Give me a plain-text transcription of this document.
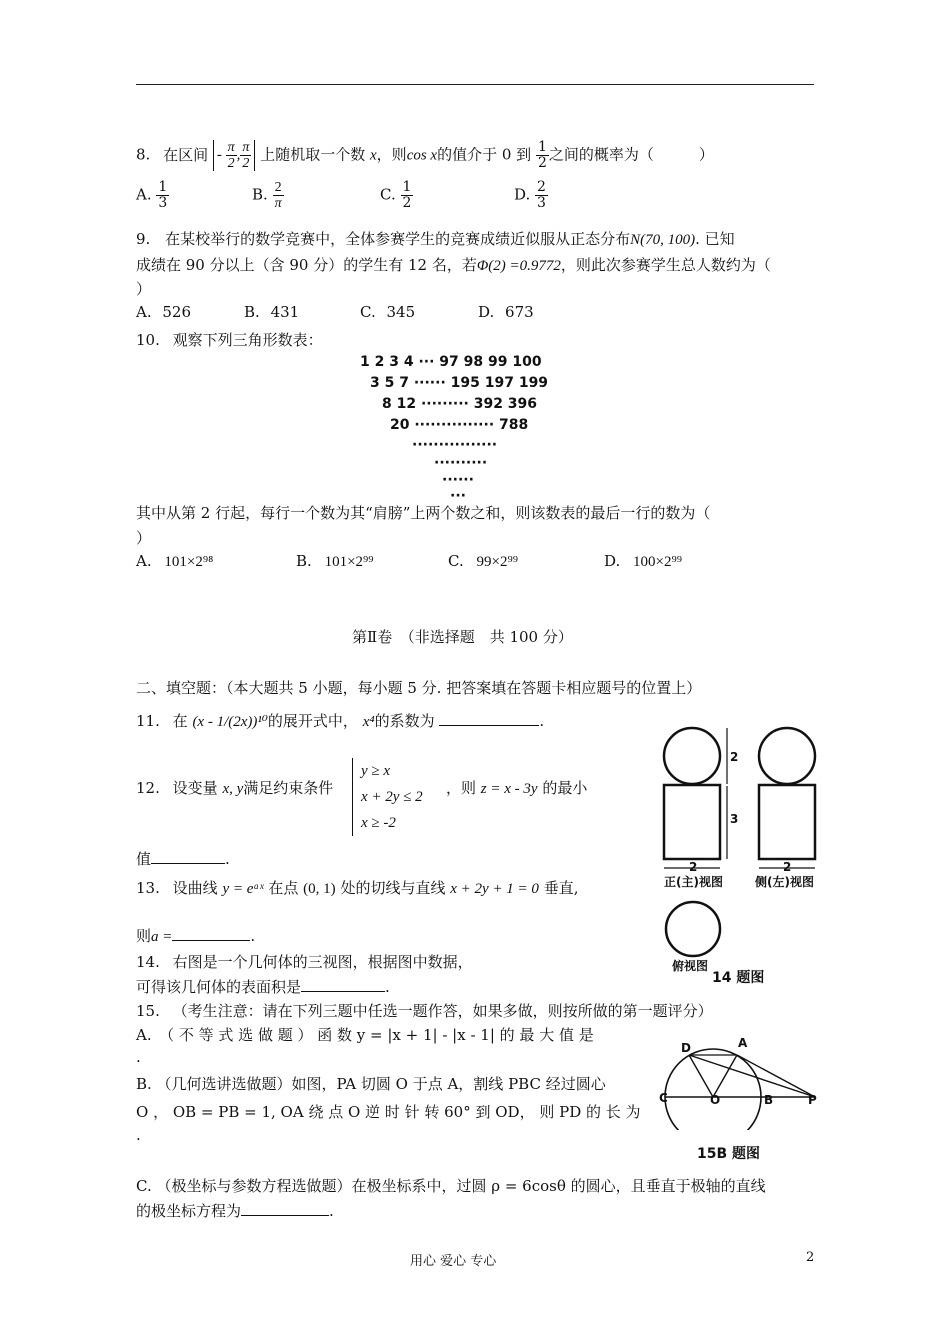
8. 在区间 - $\frac{\pi}{2}$ , $\frac{\pi}{2}$ 上随机取一个数 x，则cos x的值介于 0 到 $\frac{1}{2}$ 之间的概率为（　　　）
A. $\frac{1}{3}$	B. $\frac{2}{\pi}$	C. $\frac{1}{2}$	D. $\frac{2}{3}$
9. 在某校举行的数学竞赛中，全体参赛学生的竞赛成绩近似服从正态分布N(70, 100). 已知
成绩在 90 分以上（含 90 分）的学生有 12 名，若Φ(2) =0.9772，则此次参赛学生总人数约为（
）
A. 526	B. 431	C. 345	D. 673
10. 观察下列三角形数表：
1 2 3 4 ··· 97 98 99 100
3 5 7 ······ 195 197 199
8 12 ········· 392 396
20 ··············· 788
················
··········
······
···
其中从第 2 行起，每行一个数为其“肩膀”上两个数之和，则该数表的最后一行的数为（
）
A. 101×2⁹⁸	B. 101×2⁹⁹	C. 99×2⁹⁹	D. 100×2⁹⁹
第Ⅱ卷　（非选择题　共 100 分）
二、填空题：（本大题共 5 小题，每小题 5 分. 把答案填在答题卡相应题号的位置上）
11. 在 (x - 1/(2x))¹⁰的展开式中， x⁴的系数为	.
12. 设变量 x, y满足约束条件
y ≥ x
x + 2y ≤ 2
x ≥ -2
，则 z = x - 3y 的最小
值	.
13. 设曲线 y = eᵃˣ 在点 (0, 1) 处的切线与直线 x + 2y + 1 = 0 垂直,
则a =	.
14. 右图是一个几何体的三视图，根据图中数据，
可得该几何体的表面积是	.
15. （考生注意：请在下列三题中任选一题作答，如果多做，则按所做的第一题评分）
A.　（ 不 等 式 选 做 题 ） 函 数 y = |x + 1| - |x - 1| 的 最 大 值 是
.
B. （几何选讲选做题）如图，PA 切圆 O 于点 A，割线 PBC 经过圆心
O ， OB = PB = 1, OA 绕 点 O 逆 时 针 转 60° 到 OD， 则 PD 的 长 为
.
C. （极坐标与参数方程选做题）在极坐标系中，过圆 ρ = 6cosθ 的圆心，且垂直于极轴的直线
的极坐标方程为	.
2
3
2	2
正(主)视图	侧(左)视图
俯视图
14 题图
D	A
C	O	B	P
15B 题图
用心 爱心 专心	2
